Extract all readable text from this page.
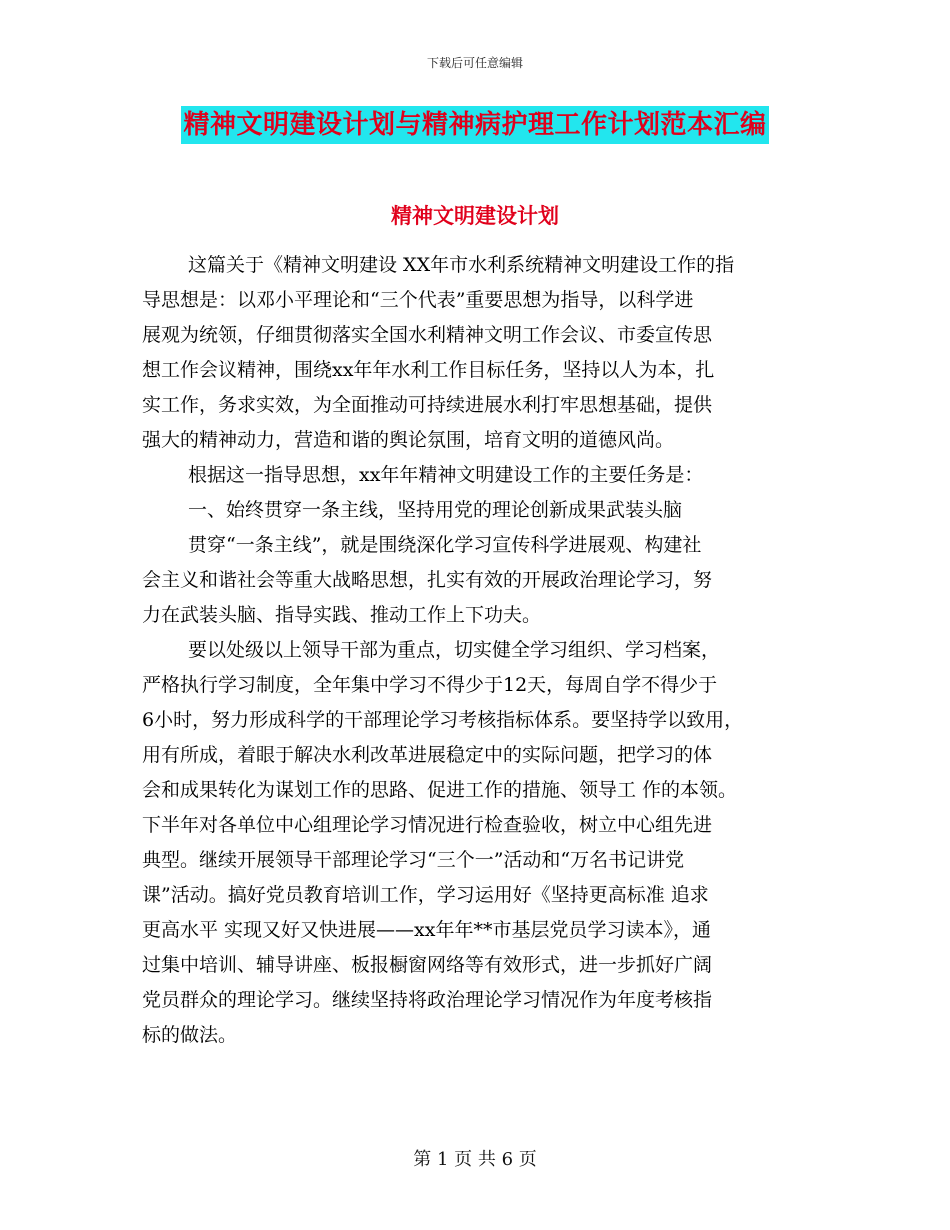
下载后可任意编辑
精神文明建设计划与精神病护理工作计划范本汇编
精神文明建设计划
这篇关于《精神文明建设 XX年市水利系统精神文明建设工作的指
导思想是：以邓小平理论和“三个代表”重要思想为指导，以科学进
展观为统领，仔细贯彻落实全国水利精神文明工作会议、市委宣传思
想工作会议精神，围绕xx年年水利工作目标任务，坚持以人为本，扎
实工作，务求实效，为全面推动可持续进展水利打牢思想基础，提供
强大的精神动力，营造和谐的舆论氛围，培育文明的道德风尚。
根据这一指导思想，xx年年精神文明建设工作的主要任务是：
一、始终贯穿一条主线，坚持用党的理论创新成果武装头脑
贯穿“一条主线”，就是围绕深化学习宣传科学进展观、构建社
会主义和谐社会等重大战略思想，扎实有效的开展政治理论学习，努
力在武装头脑、指导实践、推动工作上下功夫。
要以处级以上领导干部为重点，切实健全学习组织、学习档案，
严格执行学习制度，全年集中学习不得少于12天，每周自学不得少于
6小时，努力形成科学的干部理论学习考核指标体系。要坚持学以致用，
用有所成，着眼于解决水利改革进展稳定中的实际问题，把学习的体
会和成果转化为谋划工作的思路、促进工作的措施、领导工 作的本领。
下半年对各单位中心组理论学习情况进行检查验收，树立中心组先进
典型。继续开展领导干部理论学习“三个一”活动和“万名书记讲党
课”活动。搞好党员教育培训工作，学习运用好《坚持更高标准 追求
更高水平 实现又好又快进展——xx年年**市基层党员学习读本》，通
过集中培训、辅导讲座、板报橱窗网络等有效形式，进一步抓好广阔
党员群众的理论学习。继续坚持将政治理论学习情况作为年度考核指
标的做法。
第 1 页 共 6 页
